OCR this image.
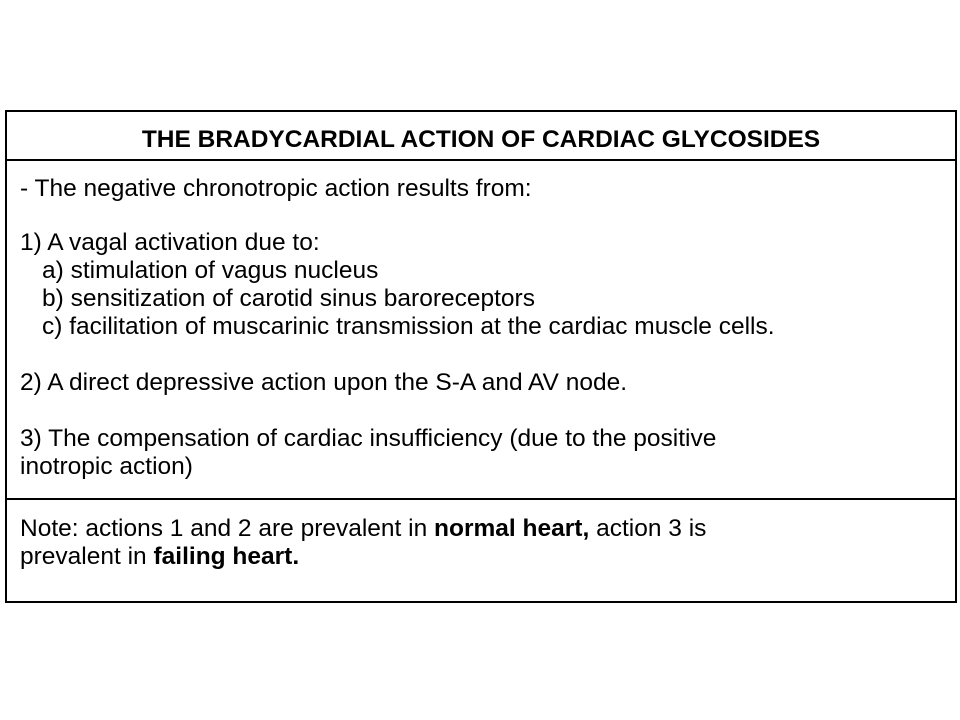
THE BRADYCARDIAL ACTION OF CARDIAC GLYCOSIDES
- The negative chronotropic action results from:
1) A vagal activation due to:
a) stimulation of vagus nucleus
b) sensitization of carotid sinus baroreceptors
c) facilitation of muscarinic transmission at the cardiac muscle cells.
2) A direct depressive action upon the S-A and AV node.
3) The compensation of cardiac insufficiency (due to the positive
inotropic action)
Note: actions 1 and 2 are prevalent in normal heart, action 3 is
prevalent in failing heart.
